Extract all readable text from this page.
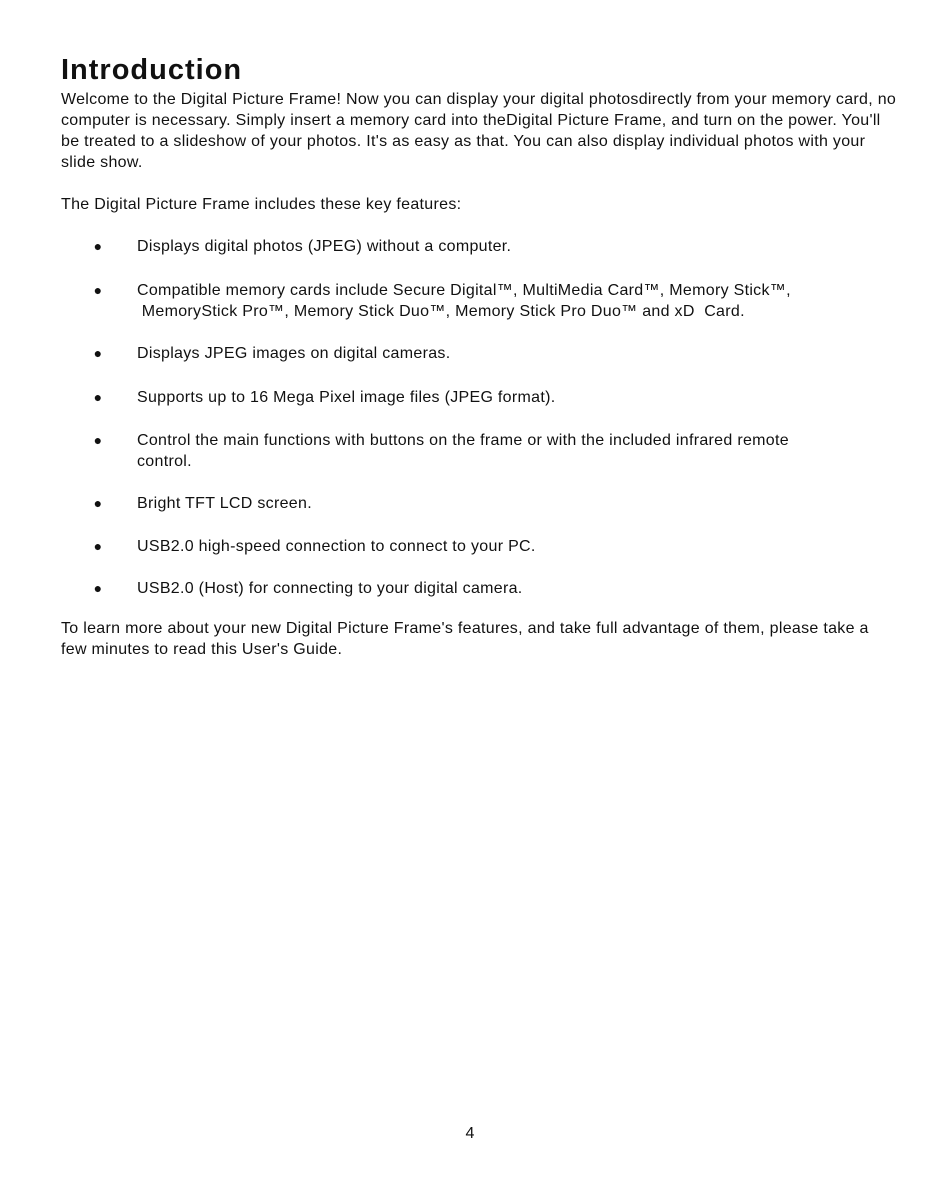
Introduction

Welcome to the Digital Picture Frame! Now you can display your digital photosdirectly from your memory card, no computer is necessary. Simply insert a memory card into theDigital Picture Frame, and turn on the power. You'll be treated to a slideshow of your photos. It's as easy as that. You can also display individual photos with your slide show.

The Digital Picture Frame includes these key features:

● Displays digital photos (JPEG) without a computer.
● Compatible memory cards include Secure Digital™, MultiMedia Card™, Memory Stick™,
MemoryStick Pro™, Memory Stick Duo™, Memory Stick Pro Duo™ and xD  Card.
● Displays JPEG images on digital cameras.
● Supports up to 16 Mega Pixel image files (JPEG format).
● Control the main functions with buttons on the frame or with the included infrared remote
control.
● Bright TFT LCD screen.
● USB2.0 high-speed connection to connect to your PC.
● USB2.0 (Host) for connecting to your digital camera.

To learn more about your new Digital Picture Frame's features, and take full advantage of them, please take a few minutes to read this User's Guide.

4
